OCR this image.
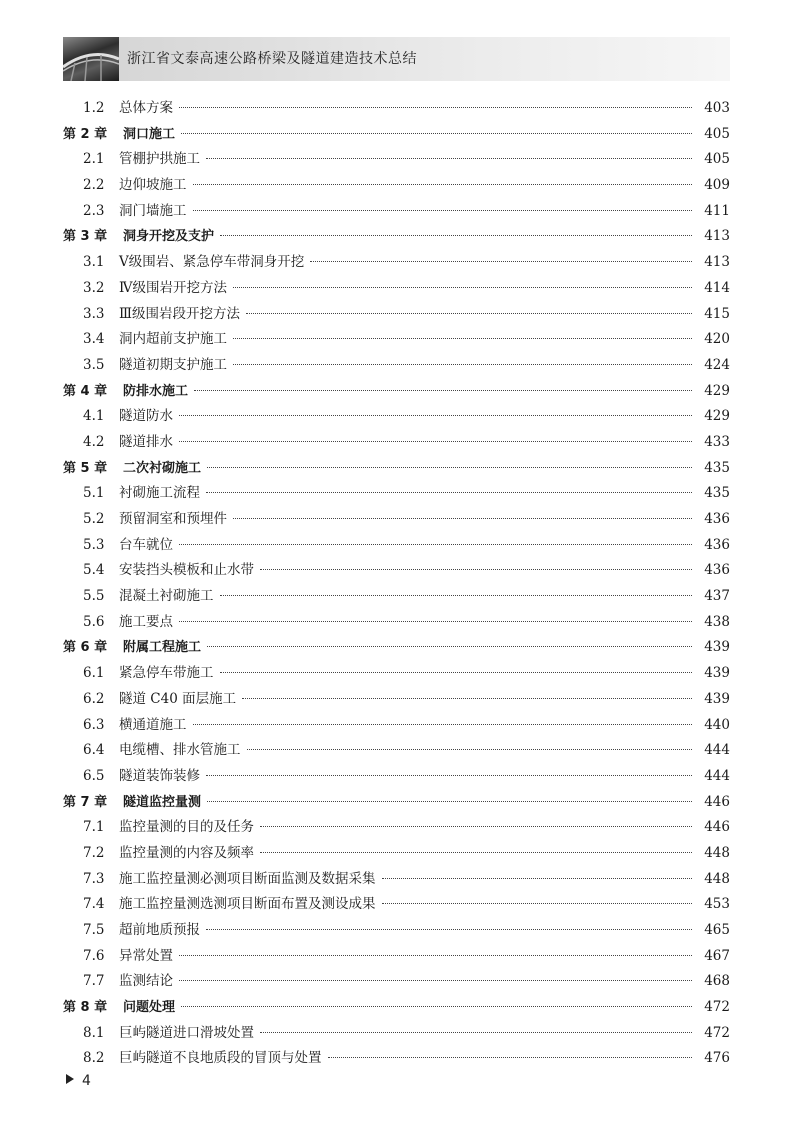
浙江省文泰高速公路桥梁及隧道建造技术总结
1.2	总体方案	403
第 2 章	洞口施工	405
2.1	管棚护拱施工	405
2.2	边仰坡施工	409
2.3	洞门墙施工	411
第 3 章	洞身开挖及支护	413
3.1	Ⅴ级围岩、紧急停车带洞身开挖	413
3.2	Ⅳ级围岩开挖方法	414
3.3	Ⅲ级围岩段开挖方法	415
3.4	洞内超前支护施工	420
3.5	隧道初期支护施工	424
第 4 章	防排水施工	429
4.1	隧道防水	429
4.2	隧道排水	433
第 5 章	二次衬砌施工	435
5.1	衬砌施工流程	435
5.2	预留洞室和预埋件	436
5.3	台车就位	436
5.4	安装挡头模板和止水带	436
5.5	混凝土衬砌施工	437
5.6	施工要点	438
第 6 章	附属工程施工	439
6.1	紧急停车带施工	439
6.2	隧道 C40 面层施工	439
6.3	横通道施工	440
6.4	电缆槽、排水管施工	444
6.5	隧道装饰装修	444
第 7 章	隧道监控量测	446
7.1	监控量测的目的及任务	446
7.2	监控量测的内容及频率	448
7.3	施工监控量测必测项目断面监测及数据采集	448
7.4	施工监控量测选测项目断面布置及测设成果	453
7.5	超前地质预报	465
7.6	异常处置	467
7.7	监测结论	468
第 8 章	问题处理	472
8.1	巨屿隧道进口滑坡处置	472
8.2	巨屿隧道不良地质段的冒顶与处置	476
4
